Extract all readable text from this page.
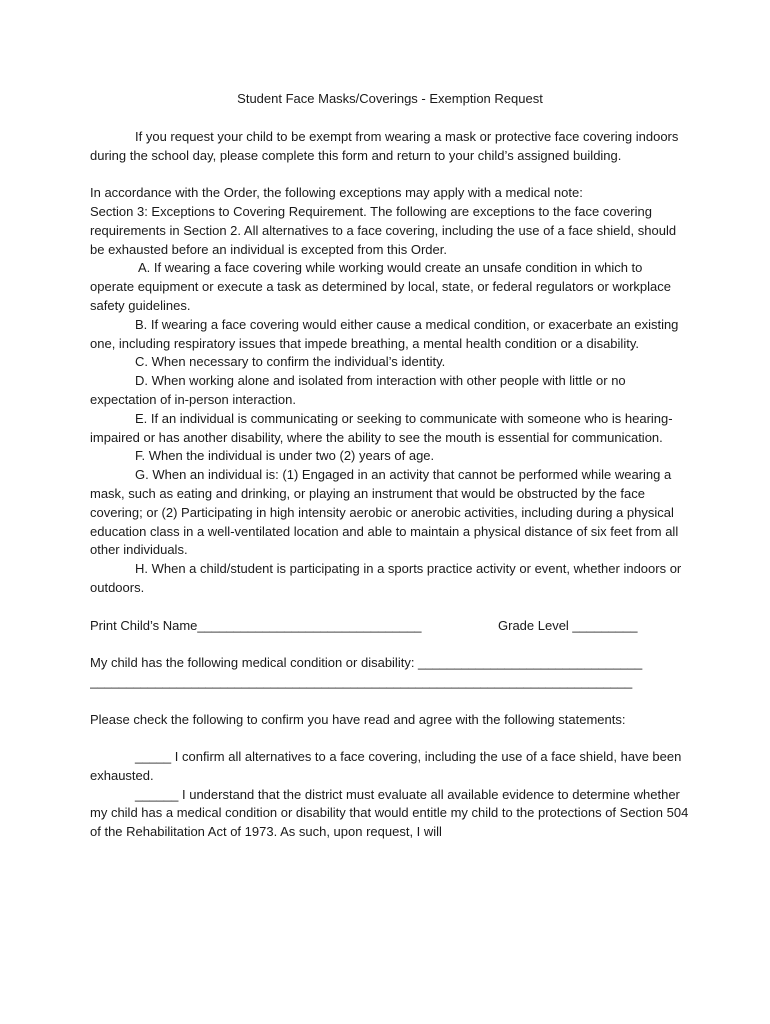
Student Face Masks/Coverings - Exemption Request

If you request your child to be exempt from wearing a mask or protective face covering indoors during the school day, please complete this form and return to your child’s assigned building.

In accordance with the Order, the following exceptions may apply with a medical note:

Section 3: Exceptions to Covering Requirement. The following are exceptions to the face covering requirements in Section 2. All alternatives to a face covering, including the use of a face shield, should be exhausted before an individual is excepted from this Order.

A. If wearing a face covering while working would create an unsafe condition in which to operate equipment or execute a task as determined by local, state, or federal regulators or workplace safety guidelines.

B. If wearing a face covering would either cause a medical condition, or exacerbate an existing one, including respiratory issues that impede breathing, a mental health condition or a disability.

C. When necessary to confirm the individual’s identity.

D. When working alone and isolated from interaction with other people with little or no expectation of in-person interaction.

E. If an individual is communicating or seeking to communicate with someone who is hearing-impaired or has another disability, where the ability to see the mouth is essential for communication.

F. When the individual is under two (2) years of age.

G. When an individual is: (1) Engaged in an activity that cannot be performed while wearing a mask, such as eating and drinking, or playing an instrument that would be obstructed by the face covering; or (2) Participating in high intensity aerobic or anerobic activities, including during a physical education class in a well-ventilated location and able to maintain a physical distance of six feet from all other individuals.

H. When a child/student is participating in a sports practice activity or event, whether indoors or outdoors.

Print Child’s Name_______________________________	Grade Level _________

My child has the following medical condition or disability: _______________________________

___________________________________________________________________________

Please check the following to confirm you have read and agree with the following statements:

_____ I confirm all alternatives to a face covering, including the use of a face shield, have been exhausted.

______ I understand that the district must evaluate all available evidence to determine whether my child has a medical condition or disability that would entitle my child to the protections of Section 504 of the Rehabilitation Act of 1973. As such, upon request, I will
